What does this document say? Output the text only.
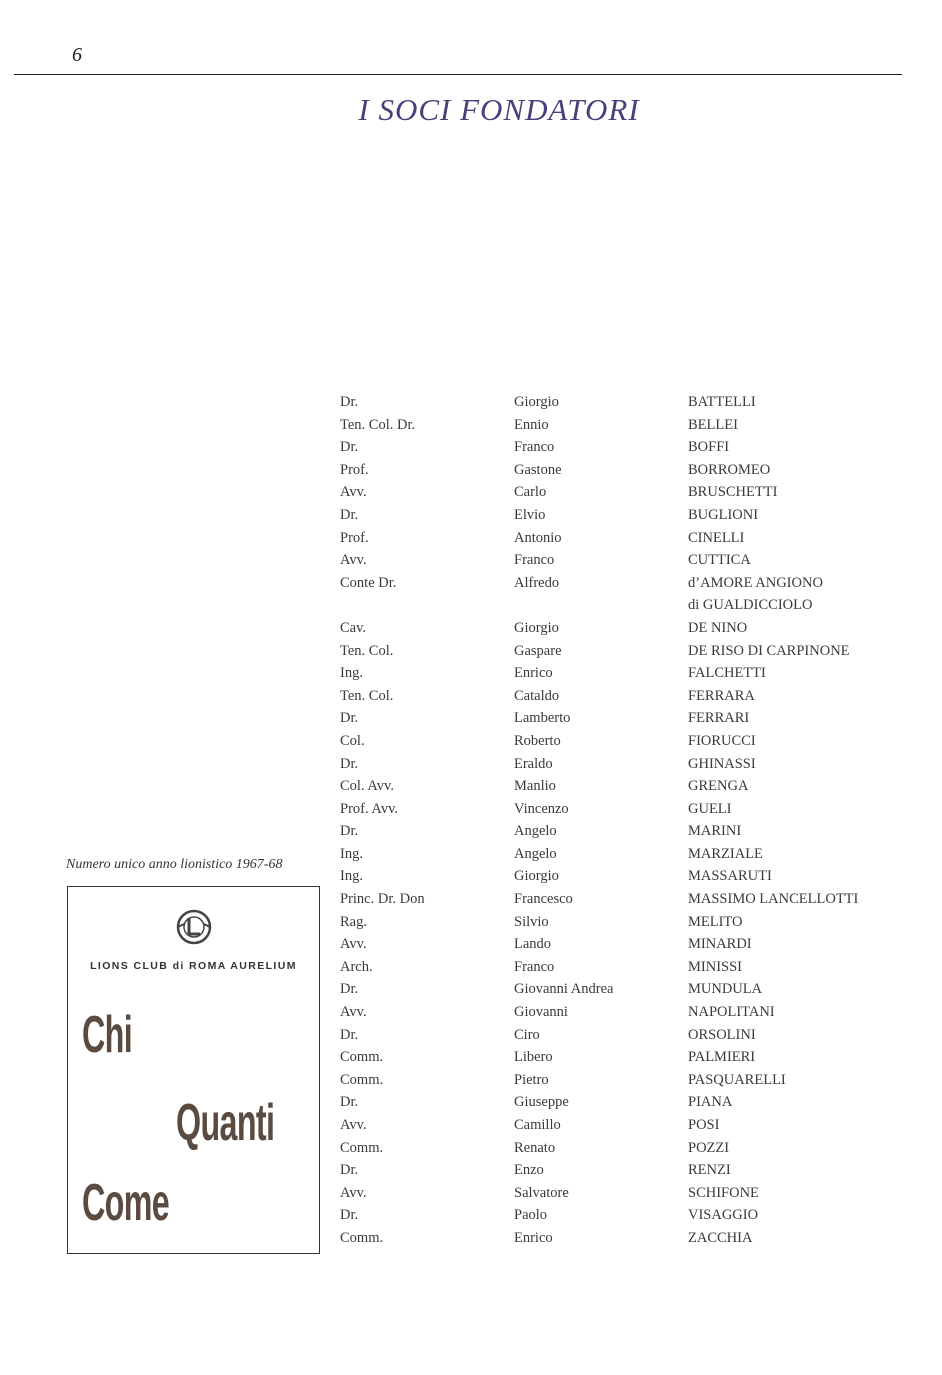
6
I SOCI FONDATORI
Dr.	Giorgio	BATTELLI
Ten. Col. Dr.	Ennio	BELLEI
Dr.	Franco	BOFFI
Prof.	Gastone	BORROMEO
Avv.	Carlo	BRUSCHETTI
Dr.	Elvio	BUGLIONI
Prof.	Antonio	CINELLI
Avv.	Franco	CUTTICA
Conte Dr.	Alfredo	d’AMORE ANGIONO
di GUALDICCIOLO
Cav.	Giorgio	DE NINO
Ten. Col.	Gaspare	DE RISO DI CARPINONE
Ing.	Enrico	FALCHETTI
Ten. Col.	Cataldo	FERRARA
Dr.	Lamberto	FERRARI
Col.	Roberto	FIORUCCI
Dr.	Eraldo	GHINASSI
Col. Avv.	Manlio	GRENGA
Prof. Avv.	Vincenzo	GUELI
Dr.	Angelo	MARINI
Ing.	Angelo	MARZIALE
Ing.	Giorgio	MASSARUTI
Princ. Dr. Don	Francesco	MASSIMO LANCELLOTTI
Rag.	Silvio	MELITO
Avv.	Lando	MINARDI
Arch.	Franco	MINISSI
Dr.	Giovanni Andrea	MUNDULA
Avv.	Giovanni	NAPOLITANI
Dr.	Ciro	ORSOLINI
Comm.	Libero	PALMIERI
Comm.	Pietro	PASQUARELLI
Dr.	Giuseppe	PIANA
Avv.	Camillo	POSI
Comm.	Renato	POZZI
Dr.	Enzo	RENZI
Avv.	Salvatore	SCHIFONE
Dr.	Paolo	VISAGGIO
Comm.	Enrico	ZACCHIA
Numero unico anno lionistico 1967-68
LIONS CLUB di ROMA AURELIUM
Chi
Quanti
Come
